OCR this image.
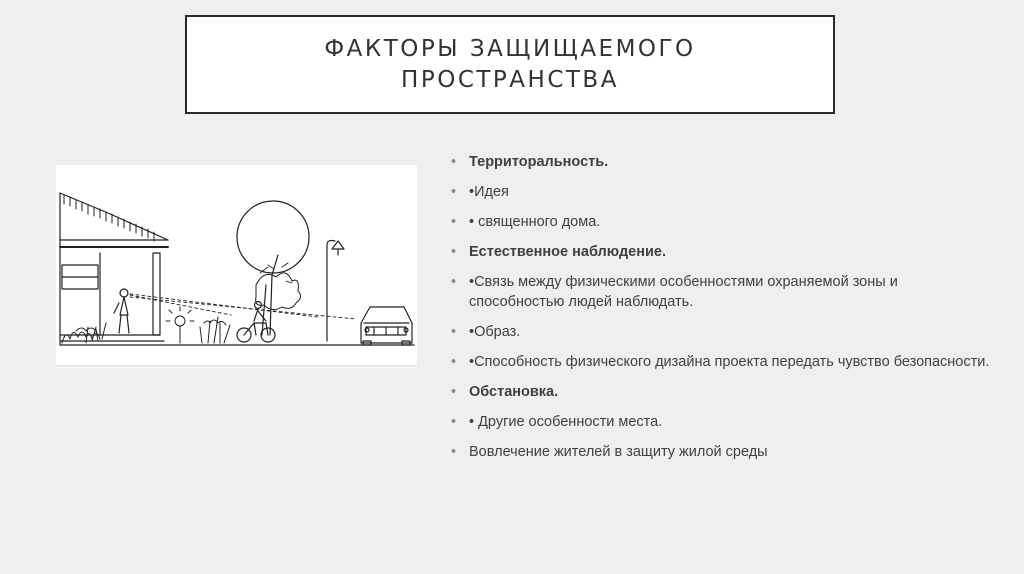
ФАКТОРЫ ЗАЩИЩАЕМОГО
ПРОСТРАНСТВА
• Территоральность.
• •Идея
• • священного дома.
• Естественное наблюдение.
• •Связь между физическими особенностями охраняемой зоны и способностью людей наблюдать.
• •Образ.
• •Способность физического дизайна проекта передать чувство безопасности.
• Обстановка.
• • Другие особенности места.
• Вовлечение жителей в защиту жилой среды
